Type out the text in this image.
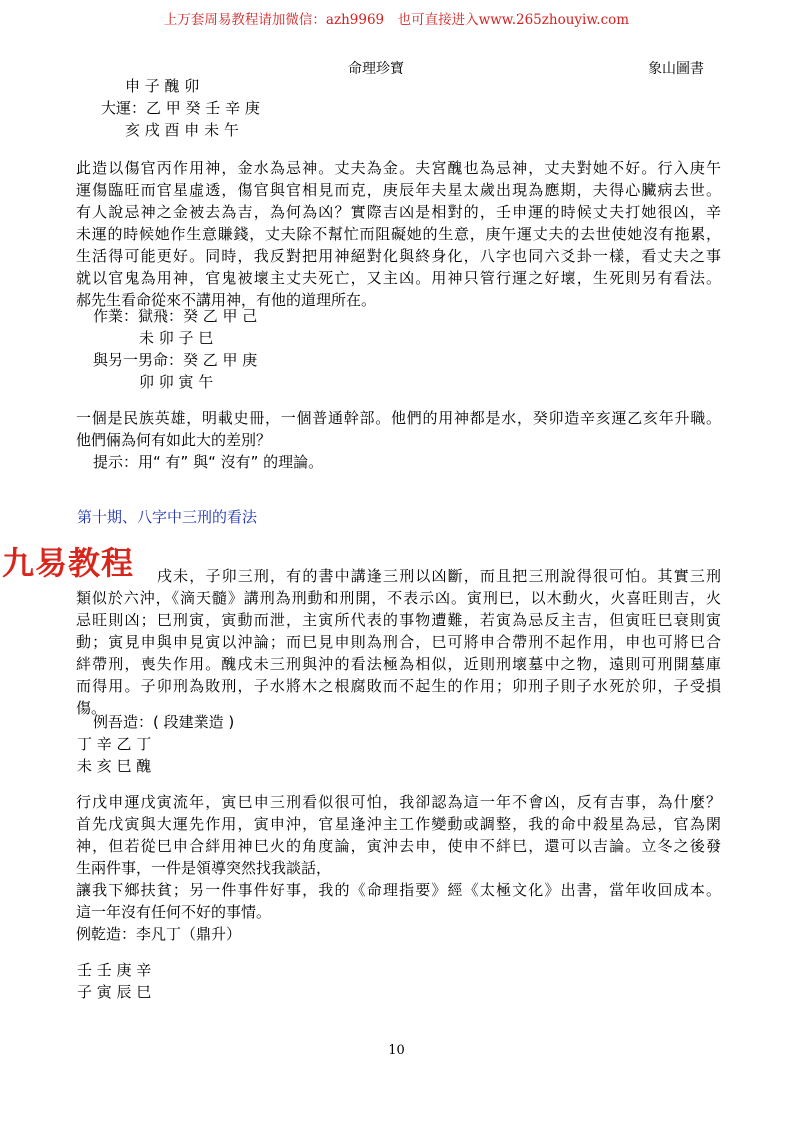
上万套周易教程请加微信：azh9969　也可直接进入www.265zhouyiw.com
命理珍寶	象山圖書
申 子 醜 卯
大運：乙 甲 癸 壬 辛 庚
亥 戌 酉 申 未 午
此造以傷官丙作用神，金水為忌神。丈夫為金。夫宮醜也為忌神，丈夫對她不好。行入庚午
運傷臨旺而官星虛透，傷官與官相見而克，庚辰年夫星太歲出現為應期，夫得心臟病去世。
有人說忌神之金被去為吉，為何為凶？實際吉凶是相對的，壬申運的時候丈夫打她很凶，辛
未運的時候她作生意賺錢，丈夫除不幫忙而阻礙她的生意，庚午運丈夫的去世使她沒有拖累，
生活得可能更好。同時，我反對把用神絕對化與終身化，八字也同六爻卦一樣，看丈夫之事
就以官鬼為用神，官鬼被壞主丈夫死亡，又主凶。用神只管行運之好壞，生死則另有看法。
郝先生看命從來不講用神，有他的道理所在。
作業：獄飛：癸 乙 甲 己
未 卯 子 巳
與另一男命：癸 乙 甲 庚
卯 卯 寅 午
一個是民族英雄，明載史冊，一個普通幹部。他們的用神都是水，癸卯造辛亥運乙亥年升職。
他們倆為何有如此大的差別？
提示：用“ 有” 與“ 沒有” 的理論。
第十期、八字中三刑的看法
戌未，子卯三刑，有的書中講逢三刑以凶斷，而且把三刑說得很可怕。其實三刑
類似於六沖，《滴天髓》講刑為刑動和刑開，不表示凶。寅刑巳，以木動火，火喜旺則吉，火
忌旺則凶；巳刑寅，寅動而泄，主寅所代表的事物遭難，若寅為忌反主吉，但寅旺巳衰則寅
動；寅見申與申見寅以沖論；而巳見申則為刑合，巳可將申合帶刑不起作用，申也可將巳合
絆帶刑，喪失作用。醜戌未三刑與沖的看法極為相似，近則刑壞墓中之物，遠則可刑開墓庫
而得用。子卯刑為敗刑，子水將木之根腐敗而不起生的作用；卯刑子則子水死於卯，子受損
傷。
九易教程
例吾造：( 段建業造 )
丁 辛 乙 丁
未 亥 巳 醜
行戊申運戊寅流年，寅巳申三刑看似很可怕，我卻認為這一年不會凶，反有吉事，為什麼？
首先戊寅與大運先作用，寅申沖，官星逢沖主工作變動或調整，我的命中殺星為忌，官為閑
神，但若從巳申合絆用神巳火的角度論，寅沖去申，使申不絆巳，還可以吉論。立冬之後發
生兩件事，一件是領導突然找我談話，
讓我下鄉扶貧；另一件事件好事，我的《命理指要》經《太極文化》出書，當年收回成本。
這一年沒有任何不好的事情。
例乾造：李凡丁（鼎升）
壬 壬 庚 辛
子 寅 辰 巳
10
